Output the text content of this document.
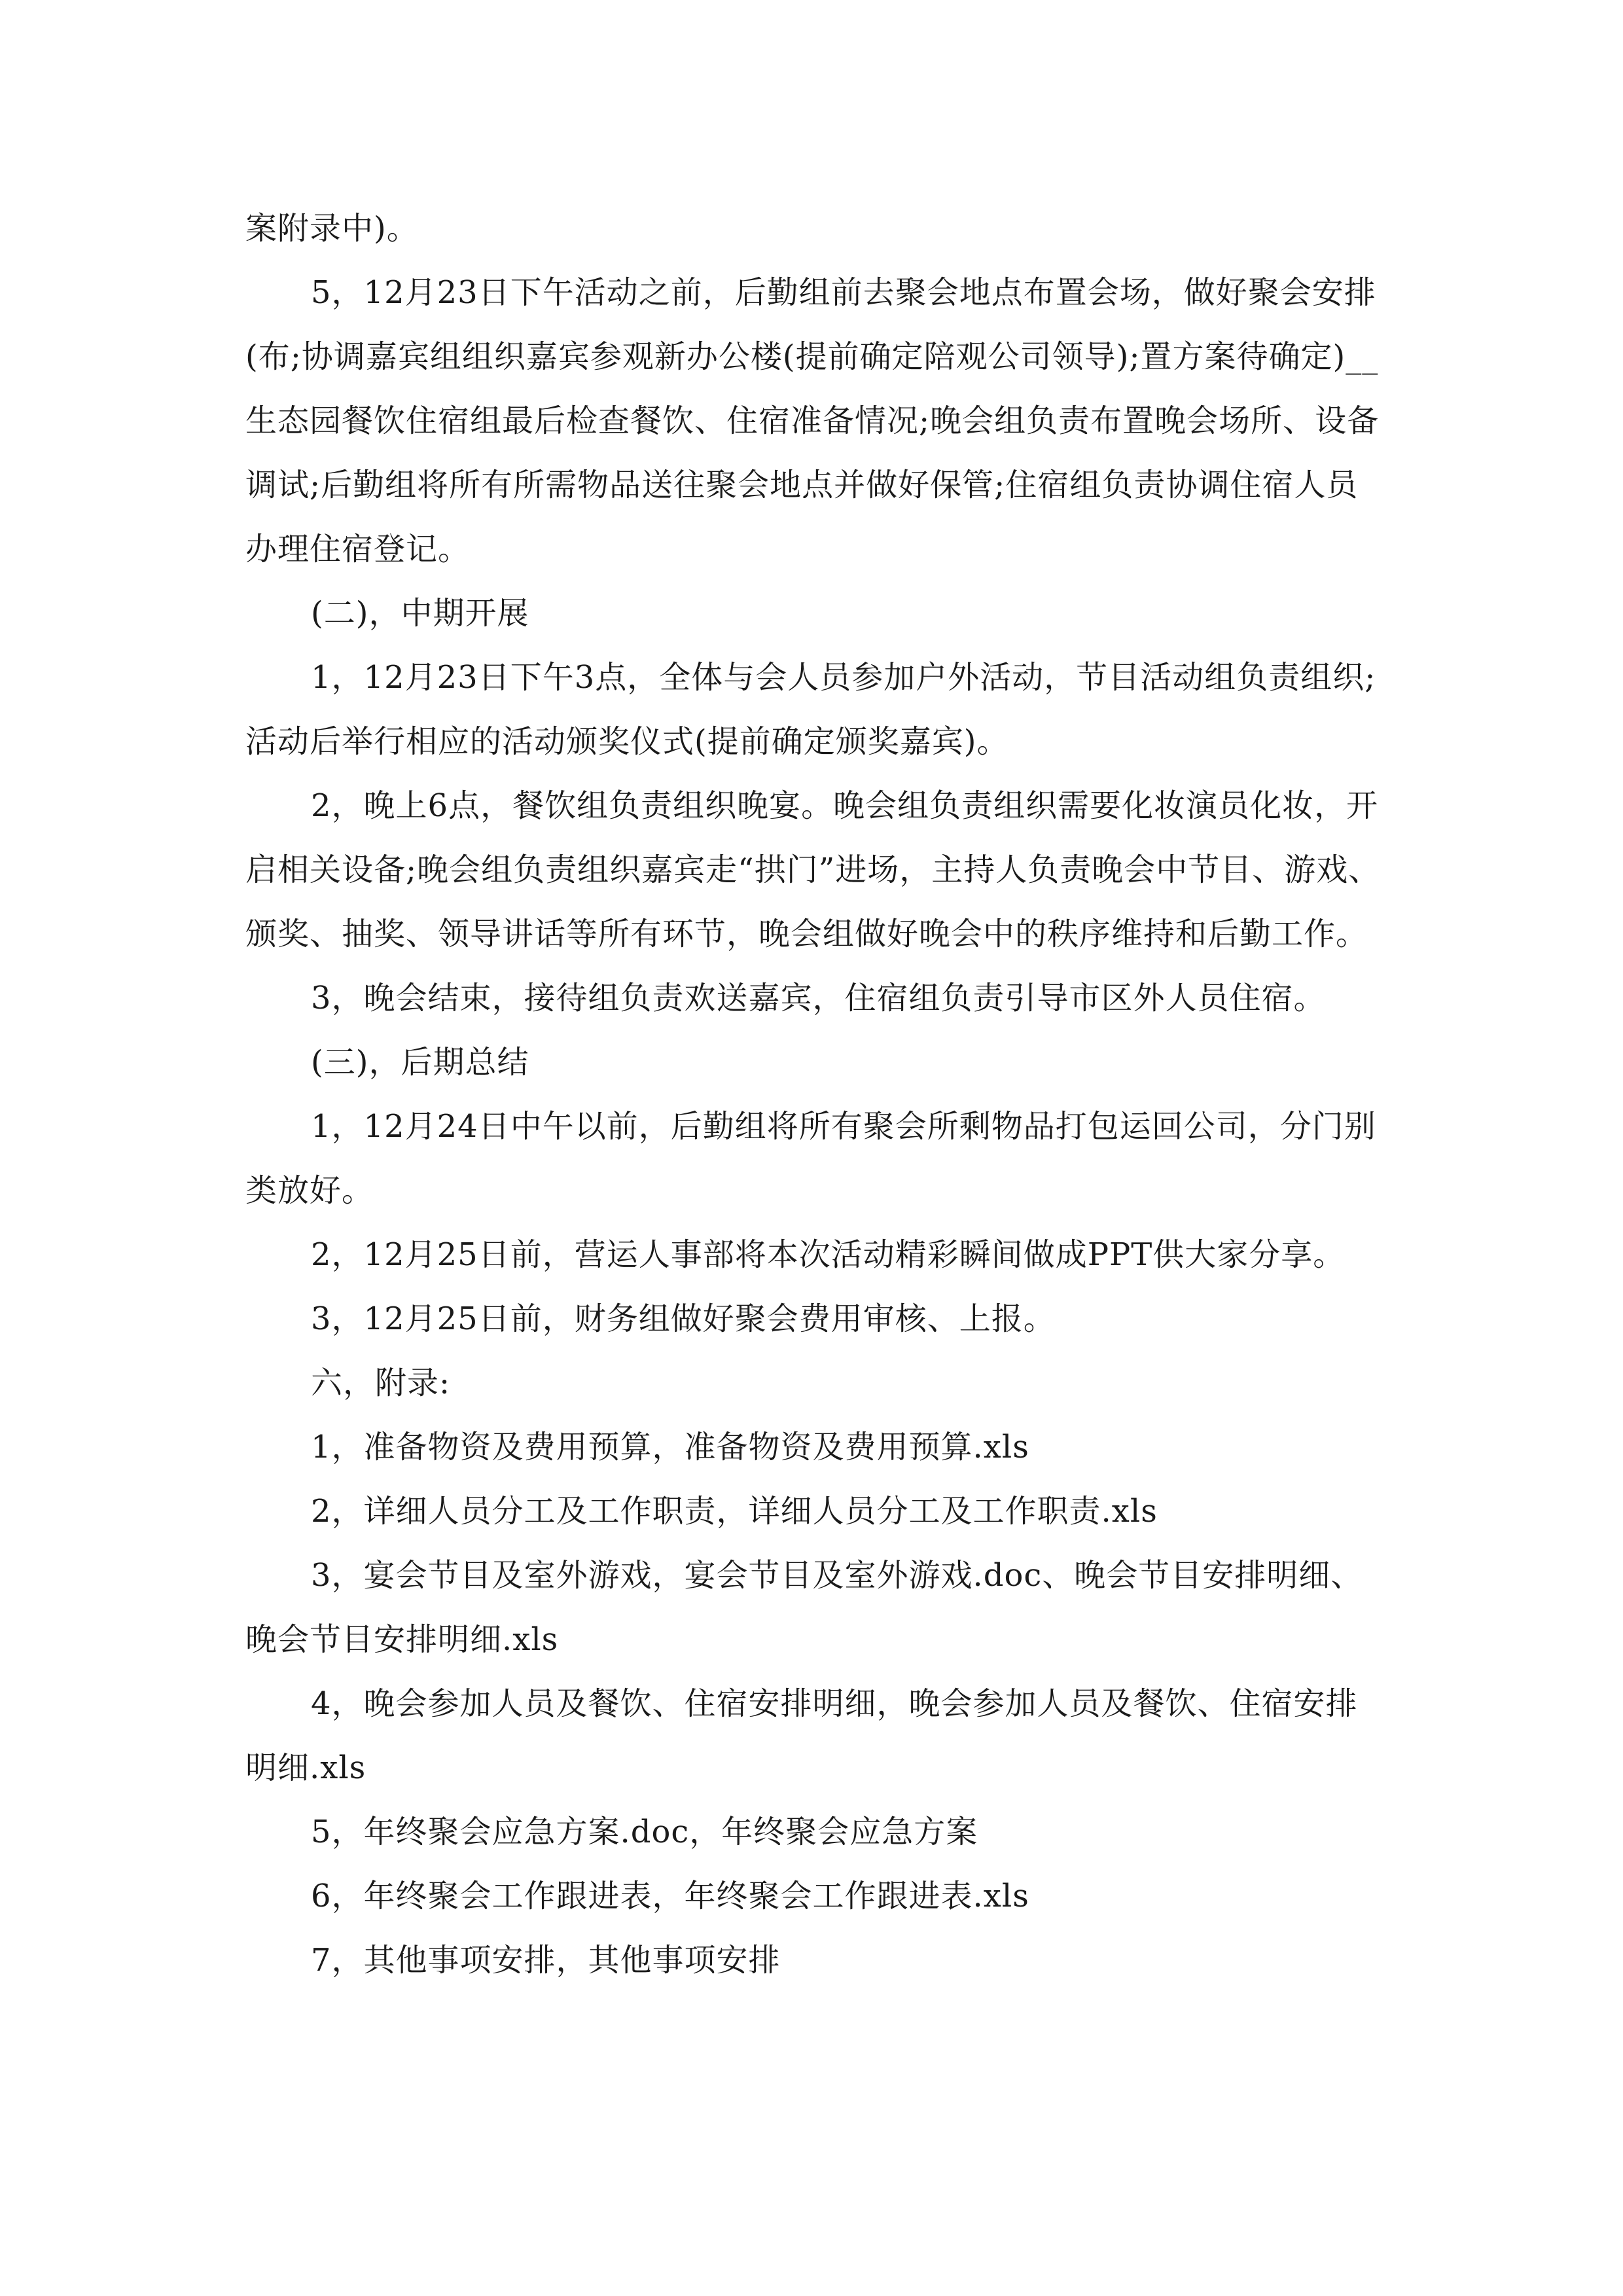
案附录中)。

5，12月23日下午活动之前，后勤组前去聚会地点布置会场，做好聚会安排(布;协调嘉宾组组织嘉宾参观新办公楼(提前确定陪观公司领导);置方案待确定)__生态园餐饮住宿组最后检查餐饮、住宿准备情况;晚会组负责布置晚会场所、设备调试;后勤组将所有所需物品送往聚会地点并做好保管;住宿组负责协调住宿人员办理住宿登记。

(二)，中期开展

1，12月23日下午3点，全体与会人员参加户外活动，节目活动组负责组织;活动后举行相应的活动颁奖仪式(提前确定颁奖嘉宾)。

2，晚上6点，餐饮组负责组织晚宴。晚会组负责组织需要化妆演员化妆，开启相关设备;晚会组负责组织嘉宾走“拱门”进场，主持人负责晚会中节目、游戏、颁奖、抽奖、领导讲话等所有环节，晚会组做好晚会中的秩序维持和后勤工作。

3，晚会结束，接待组负责欢送嘉宾，住宿组负责引导市区外人员住宿。

(三)，后期总结

1，12月24日中午以前，后勤组将所有聚会所剩物品打包运回公司，分门别类放好。

2，12月25日前，营运人事部将本次活动精彩瞬间做成PPT供大家分享。

3，12月25日前，财务组做好聚会费用审核、上报。

六，附录:

1，准备物资及费用预算，准备物资及费用预算.xls

2，详细人员分工及工作职责，详细人员分工及工作职责.xls

3，宴会节目及室外游戏，宴会节目及室外游戏.doc、晚会节目安排明细、晚会节目安排明细.xls

4，晚会参加人员及餐饮、住宿安排明细，晚会参加人员及餐饮、住宿安排明细.xls

5，年终聚会应急方案.doc，年终聚会应急方案

6，年终聚会工作跟进表，年终聚会工作跟进表.xls

7，其他事项安排，其他事项安排
